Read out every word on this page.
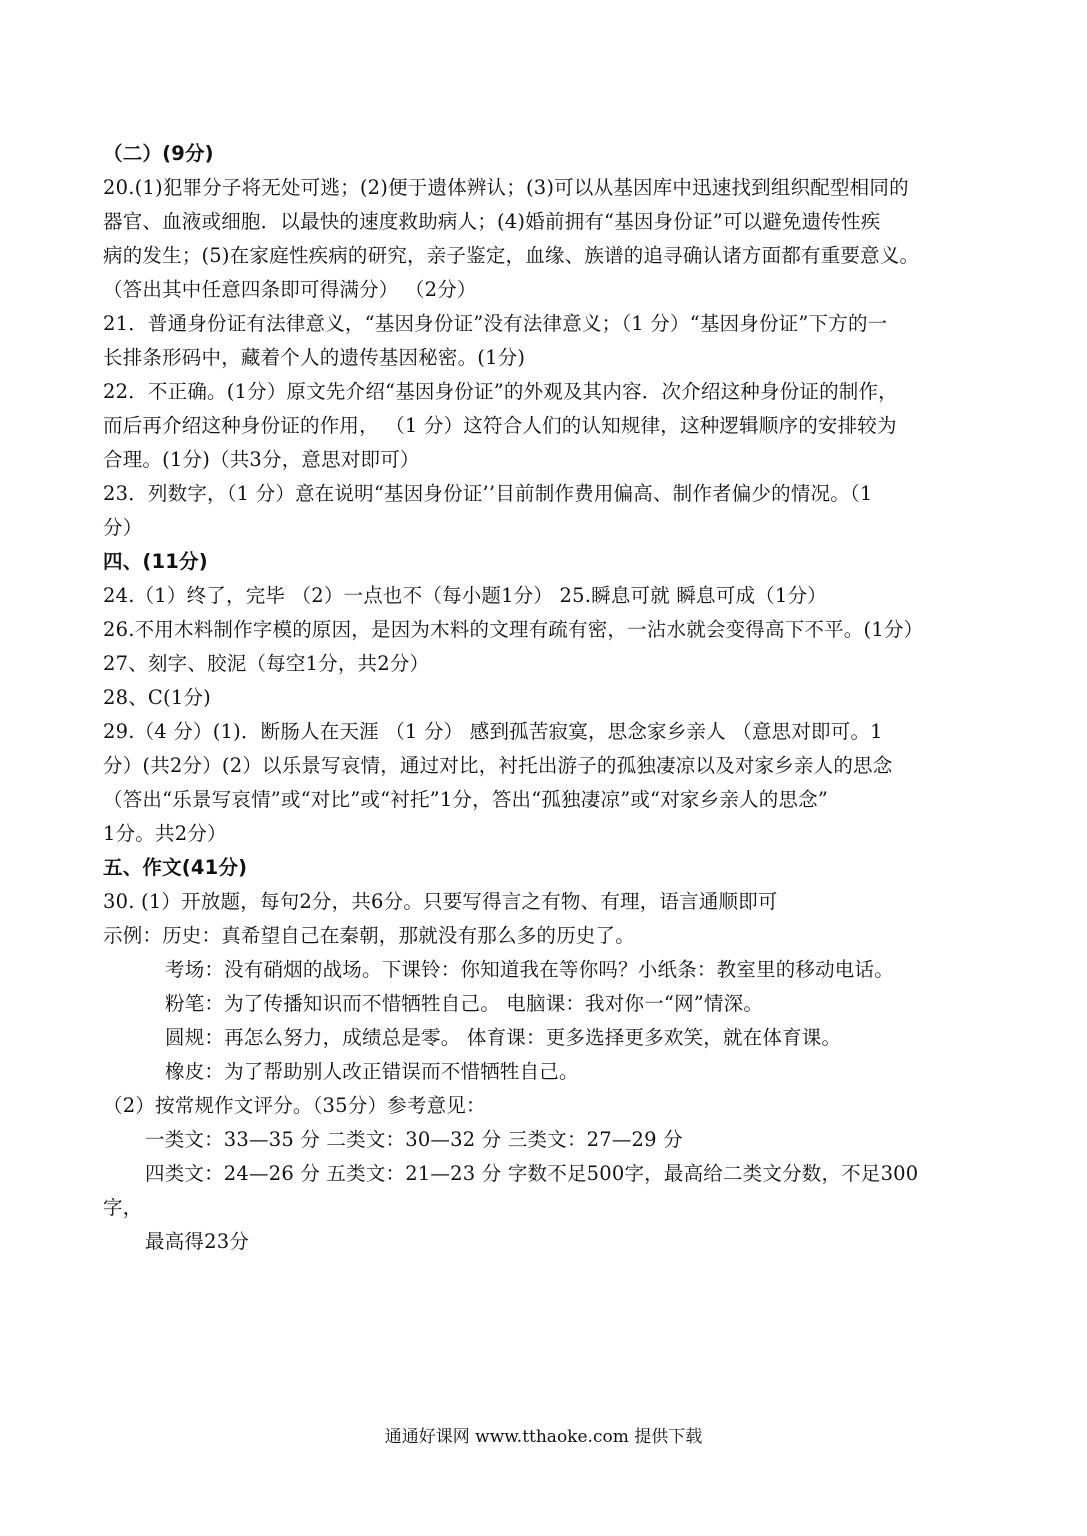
（二）(9分)
20.(1)犯罪分子将无处可逃；(2)便于遗体辨认；(3)可以从基因库中迅速找到组织配型相同的
器官、血液或细胞．以最快的速度救助病人；(4)婚前拥有“基因身份证”可以避免遗传性疾
病的发生；(5)在家庭性疾病的研究，亲子鉴定，血缘、族谱的追寻确认诸方面都有重要意义。
（答出其中任意四条即可得满分） （2分）
21．普通身份证有法律意义，“基因身份证”没有法律意义；（1 分）“基因身份证”下方的一
长排条形码中，藏着个人的遗传基因秘密。(1分)
22．不正确。(1分）原文先介绍“基因身份证”的外观及其内容．次介绍这种身份证的制作，
而后再介绍这种身份证的作用， （1 分）这符合人们的认知规律，这种逻辑顺序的安排较为
合理。(1分)（共3分，意思对即可）
23．列数字，（1 分）意在说明“基因身份证’’目前制作费用偏高、制作者偏少的情况。（1
分）
四、(11分)
24.（1）终了，完毕 （2）一点也不（每小题1分） 25.瞬息可就 瞬息可成（1分）
26.不用木料制作字模的原因，是因为木料的文理有疏有密，一沾水就会变得高下不平。(1分）
27、刻字、胶泥（每空1分，共2分）
28、C(1分)
29.（4 分）(1)．断肠人在天涯 （1 分） 感到孤苦寂寞，思念家乡亲人 （意思对即可。1
分）(共2分）(2）以乐景写哀情，通过对比，衬托出游子的孤独凄凉以及对家乡亲人的思念
（答出“乐景写哀情”或“对比”或“衬托”1分，答出“孤独凄凉”或“对家乡亲人的思念”
1分。共2分）
五、作文(41分)
30. (1）开放题，每句2分，共6分。只要写得言之有物、有理，语言通顺即可
示例：历史：真希望自己在秦朝，那就没有那么多的历史了。
考场：没有硝烟的战场。下课铃：你知道我在等你吗？小纸条：教室里的移动电话。
粉笔：为了传播知识而不惜牺牲自己。 电脑课：我对你一“网”情深。
圆规：再怎么努力，成绩总是零。 体育课：更多选择更多欢笑，就在体育课。
橡皮：为了帮助别人改正错误而不惜牺牲自己。
（2）按常规作文评分。（35分）参考意见：
一类文：33—35 分 二类文：30—32 分 三类文：27—29 分
四类文：24—26 分 五类文：21—23 分 字数不足500字，最高给二类文分数，不足300
字，
最高得23分
通通好课网 www.tthaoke.com 提供下载
